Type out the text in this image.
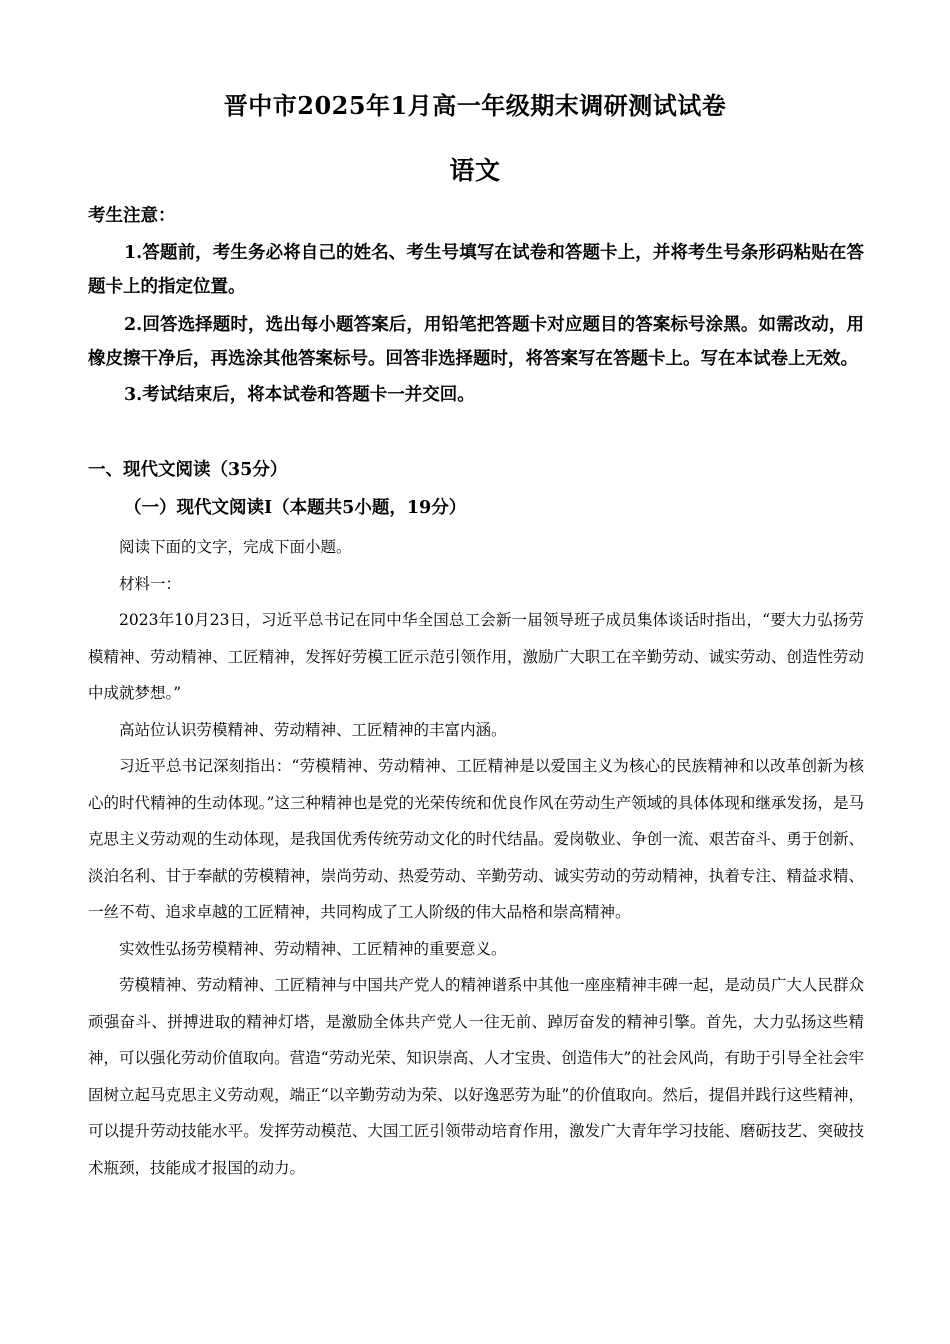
晋中市2025年1月高一年级期末调研测试试卷
语文

考生注意：

1.答题前，考生务必将自己的姓名、考生号填写在试卷和答题卡上，并将考生号条形码粘贴在答题卡上的指定位置。

2.回答选择题时，选出每小题答案后，用铅笔把答题卡对应题目的答案标号涂黑。如需改动，用橡皮擦干净后，再选涂其他答案标号。回答非选择题时，将答案写在答题卡上。写在本试卷上无效。

3.考试结束后，将本试卷和答题卡一并交回。

一、现代文阅读（35分）
（一）现代文阅读Ⅰ（本题共5小题，19分）

阅读下面的文字，完成下面小题。

材料一：

2023年10月23日，习近平总书记在同中华全国总工会新一届领导班子成员集体谈话时指出，“要大力弘扬劳模精神、劳动精神、工匠精神，发挥好劳模工匠示范引领作用，激励广大职工在辛勤劳动、诚实劳动、创造性劳动中成就梦想。”

高站位认识劳模精神、劳动精神、工匠精神的丰富内涵。

习近平总书记深刻指出：“劳模精神、劳动精神、工匠精神是以爱国主义为核心的民族精神和以改革创新为核心的时代精神的生动体现。”这三种精神也是党的光荣传统和优良作风在劳动生产领域的具体体现和继承发扬，是马克思主义劳动观的生动体现，是我国优秀传统劳动文化的时代结晶。爱岗敬业、争创一流、艰苦奋斗、勇于创新、淡泊名利、甘于奉献的劳模精神，崇尚劳动、热爱劳动、辛勤劳动、诚实劳动的劳动精神，执着专注、精益求精、一丝不苟、追求卓越的工匠精神，共同构成了工人阶级的伟大品格和崇高精神。

实效性弘扬劳模精神、劳动精神、工匠精神的重要意义。

劳模精神、劳动精神、工匠精神与中国共产党人的精神谱系中其他一座座精神丰碑一起，是动员广大人民群众顽强奋斗、拼搏进取的精神灯塔，是激励全体共产党人一往无前、踔厉奋发的精神引擎。首先，大力弘扬这些精神，可以强化劳动价值取向。营造“劳动光荣、知识崇高、人才宝贵、创造伟大”的社会风尚，有助于引导全社会牢固树立起马克思主义劳动观，端正“以辛勤劳动为荣、以好逸恶劳为耻”的价值取向。然后，提倡并践行这些精神，可以提升劳动技能水平。发挥劳动模范、大国工匠引领带动培育作用，激发广大青年学习技能、磨砺技艺、突破技术瓶颈，技能成才报国的动力。
